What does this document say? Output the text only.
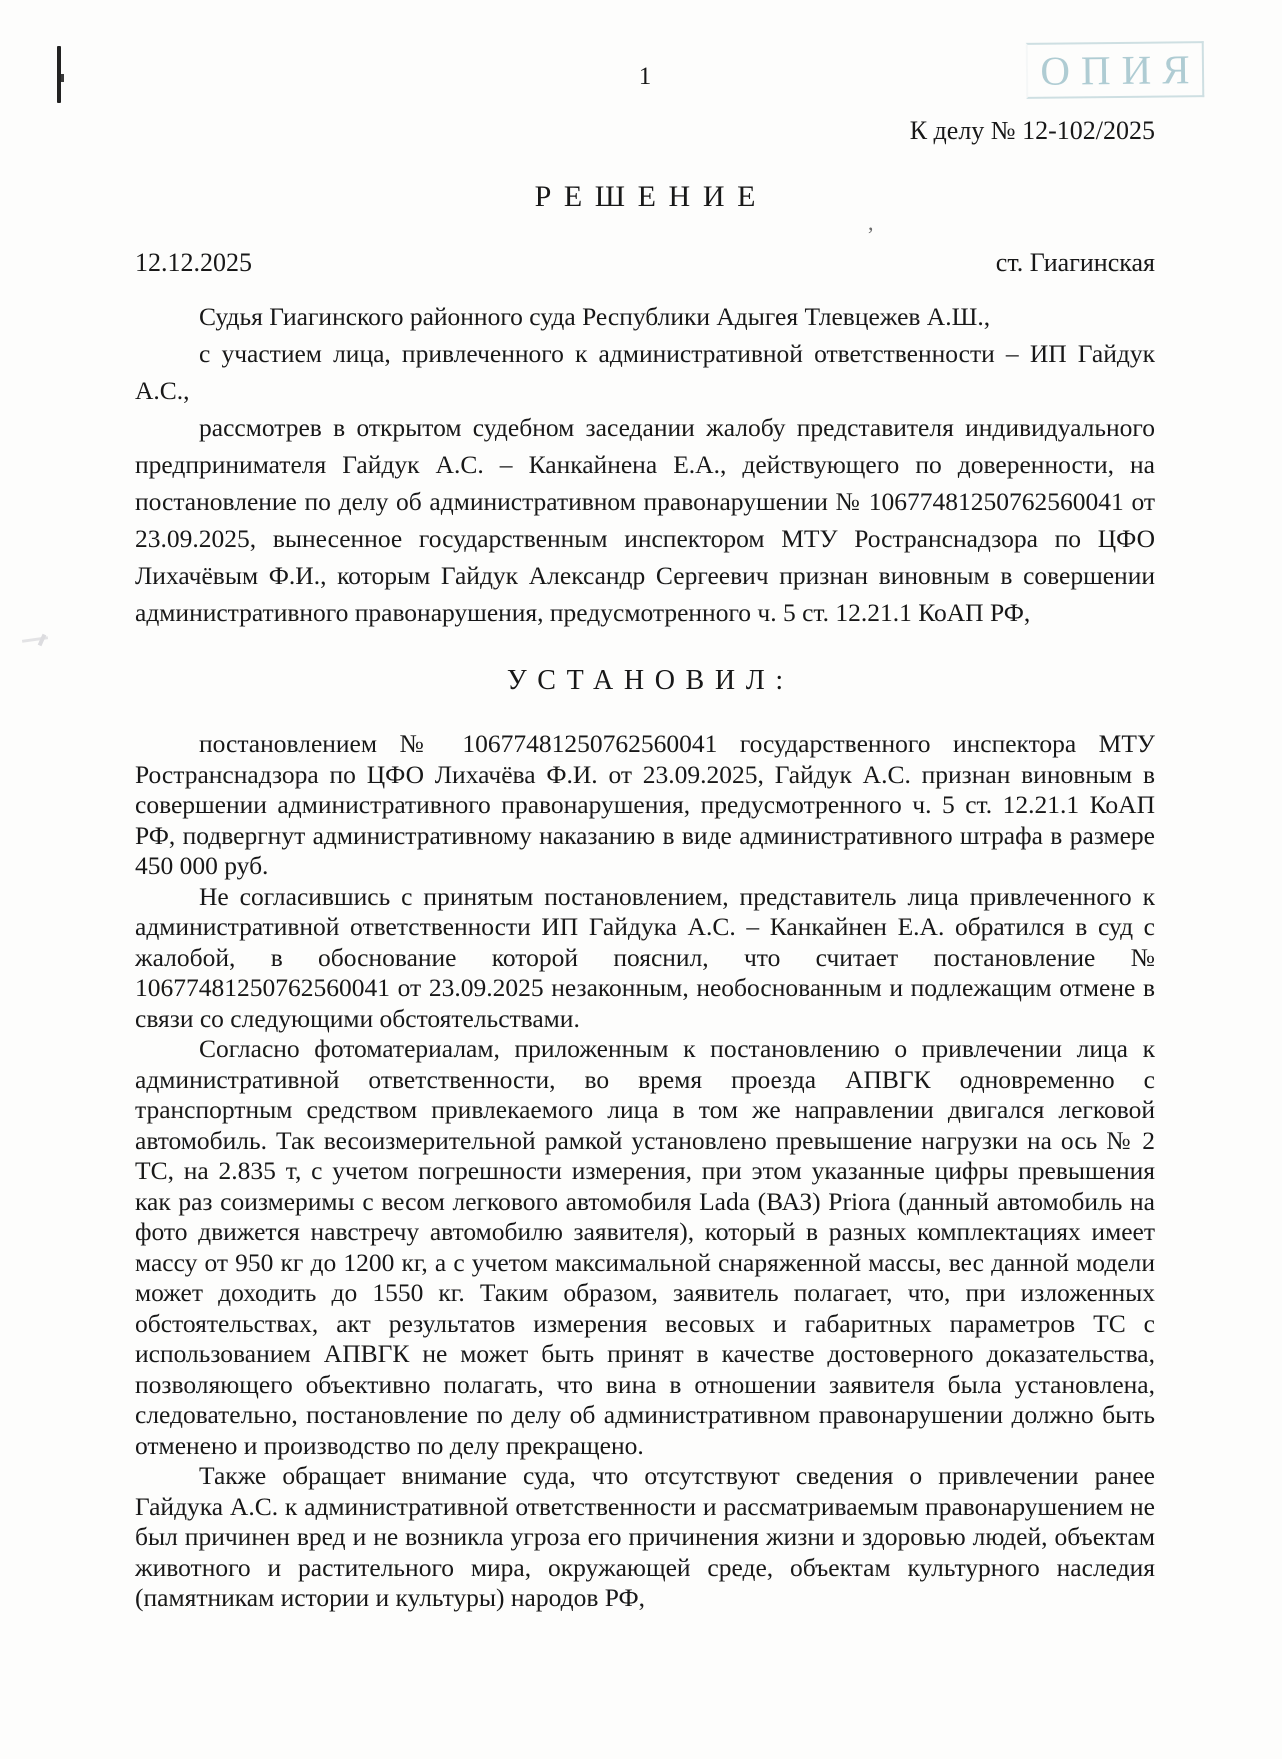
ОПИЯ
,
1
К делу № 12-102/2025
РЕШЕНИЕ
12.12.2025	ст. Гиагинская

Судья Гиагинского районного суда Республики Адыгея Тлевцежев А.Ш.,

с участием лица, привлеченного к административной ответственности – ИП Гайдук А.С.,

рассмотрев в открытом судебном заседании жалобу представителя индивидуального предпринимателя Гайдук А.С. – Канкайнена Е.А., действующего по доверенности, на постановление по делу об административном правонарушении № 10677481250762560041 от 23.09.2025, вынесенное государственным инспектором МТУ Ространснадзора по ЦФО Лихачёвым Ф.И., которым Гайдук Александр Сергеевич признан виновным в совершении административного правонарушения, предусмотренного ч. 5 ст. 12.21.1 КоАП РФ,

УСТАНОВИЛ:

постановлением № 10677481250762560041 государственного инспектора МТУ Ространснадзора по ЦФО Лихачёва Ф.И. от 23.09.2025, Гайдук А.С. признан виновным в совершении административного правонарушения, предусмотренного ч. 5 ст. 12.21.1 КоАП РФ, подвергнут административному наказанию в виде административного штрафа в размере 450 000 руб.

Не согласившись с принятым постановлением, представитель лица привлеченного к административной ответственности ИП Гайдука А.С. – Канкайнен Е.А. обратился в суд с жалобой, в обоснование которой пояснил, что считает постановление № 10677481250762560041 от 23.09.2025 незаконным, необоснованным и подлежащим отмене в связи со следующими обстоятельствами.

Согласно фотоматериалам, приложенным к постановлению о привлечении лица к административной ответственности, во время проезда АПВГК одновременно с транспортным средством привлекаемого лица в том же направлении двигался легковой автомобиль. Так весоизмерительной рамкой установлено превышение нагрузки на ось № 2 ТС, на 2.835 т, с учетом погрешности измерения, при этом указанные цифры превышения как раз соизмеримы с весом легкового автомобиля Lada (ВАЗ) Priora (данный автомобиль на фото движется навстречу автомобилю заявителя), который в разных комплектациях имеет массу от 950 кг до 1200 кг, а с учетом максимальной снаряженной массы, вес данной модели может доходить до 1550 кг. Таким образом, заявитель полагает, что, при изложенных обстоятельствах, акт результатов измерения весовых и габаритных параметров ТС с использованием АПВГК не может быть принят в качестве достоверного доказательства, позволяющего объективно полагать, что вина в отношении заявителя была установлена, следовательно, постановление по делу об административном правонарушении должно быть отменено и производство по делу прекращено.

Также обращает внимание суда, что отсутствуют сведения о привлечении ранее Гайдука А.С. к административной ответственности и рассматриваемым правонарушением не был причинен вред и не возникла угроза его причинения жизни и здоровью людей, объектам животного и растительного мира, окружающей среде, объектам культурного наследия (памятникам истории и культуры) народов РФ,
